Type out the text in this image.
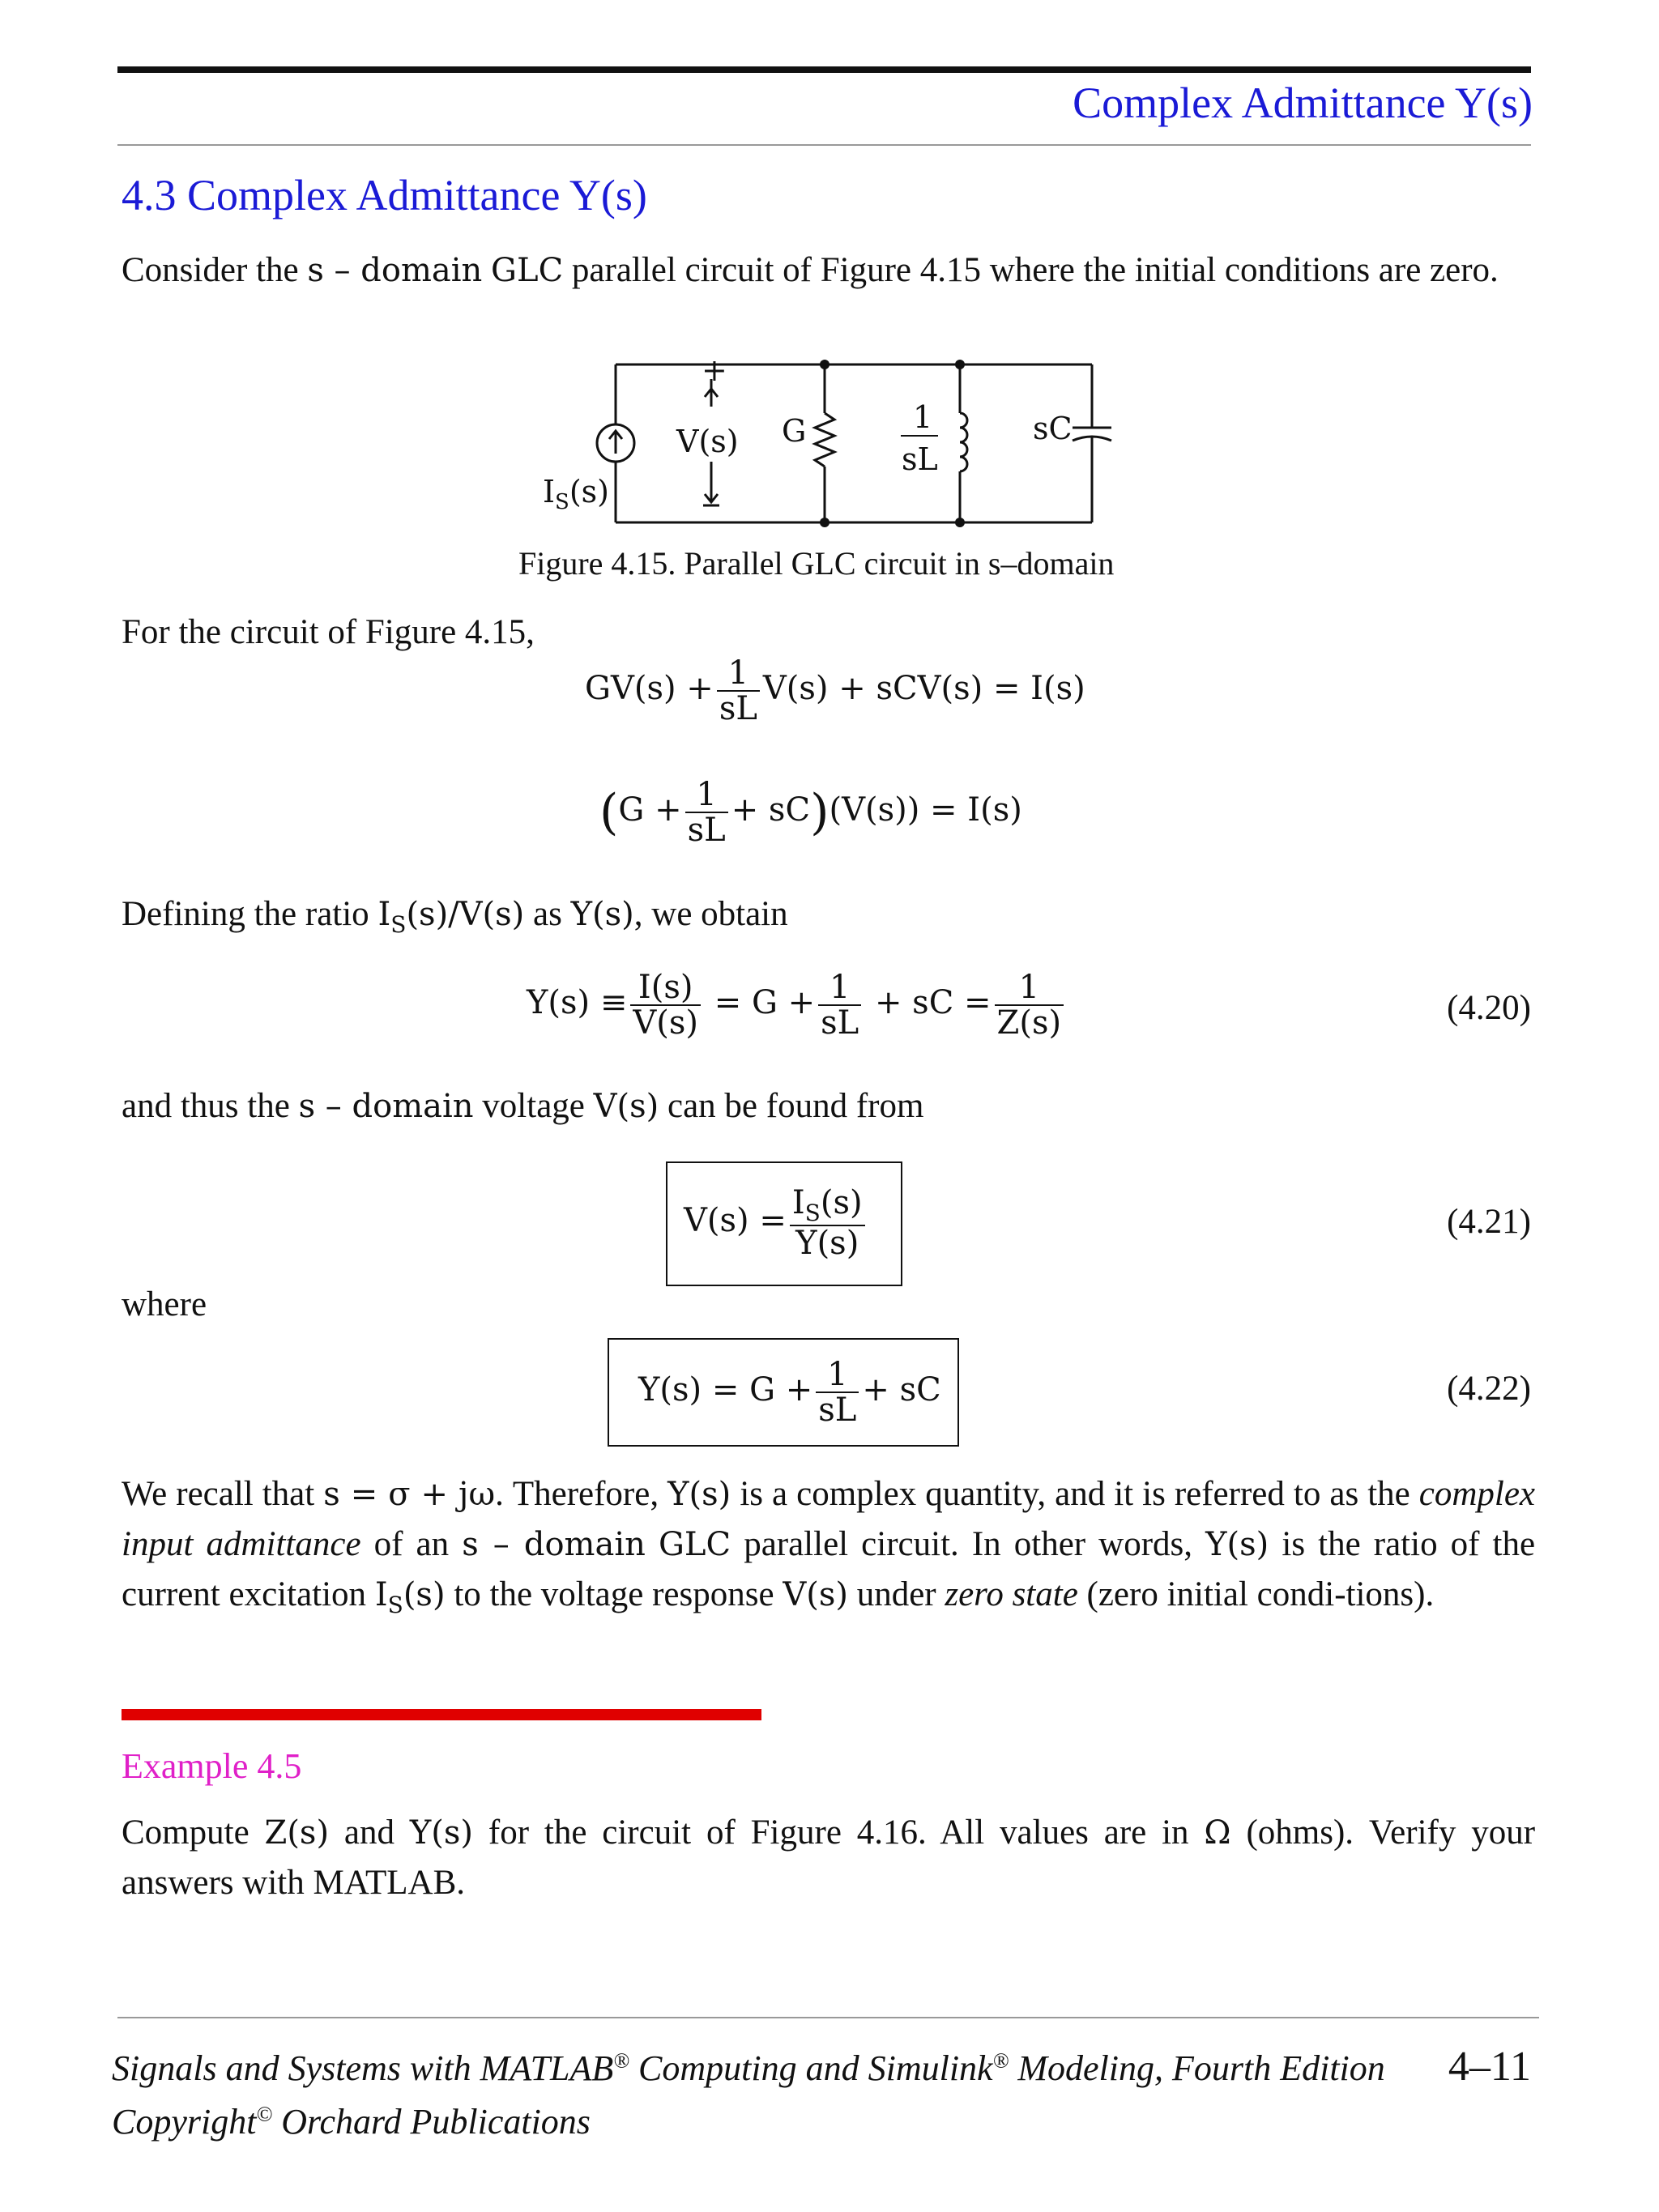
Complex Admittance Y(s)
4.3 Complex Admittance Y(s)
Consider the s – domain GLC parallel circuit of Figure 4.15 where the initial conditions are zero.
+
V(s) G	1
sL
sC
$I_S(s)$
Figure 4.15. Parallel GLC circuit in s–domain
For the circuit of Figure 4.15,
$GV(s) + \frac{1}{sL} V(s) + sCV(s) = I(s)$
$(G + \frac{1}{sL} + sC)(V(s)) = I(s)$
Defining the ratio $I_S(s)/V(s)$ as Y(s), we obtain
$Y(s) \equiv \frac{I(s)}{V(s)} = G + \frac{1}{sL}$ + sC = $\frac{1}{Z(s)}$	(4.20)
and thus the s – domain voltage V(s) can be found from
$V(s) = \frac{I_S(s)}{Y(s)}$	(4.21)
where
$Y(s) = G + \frac{1}{sL}$ + sC	(4.22)
We recall that s = σ + jω. Therefore, Y(s) is a complex quantity, and it is referred to as the complex input admittance of an s – domain GLC parallel circuit. In other words, Y(s) is the ratio of the current excitation $I_S(s)$ to the voltage response V(s) under zero state (zero initial condi-tions).
Example 4.5
Compute Z(s) and Y(s) for the circuit of Figure 4.16. All values are in Ω (ohms). Verify your answers with MATLAB.
Signals and Systems with MATLAB® Computing and Simulink® Modeling, Fourth Edition 4–11
Copyright© Orchard Publications
